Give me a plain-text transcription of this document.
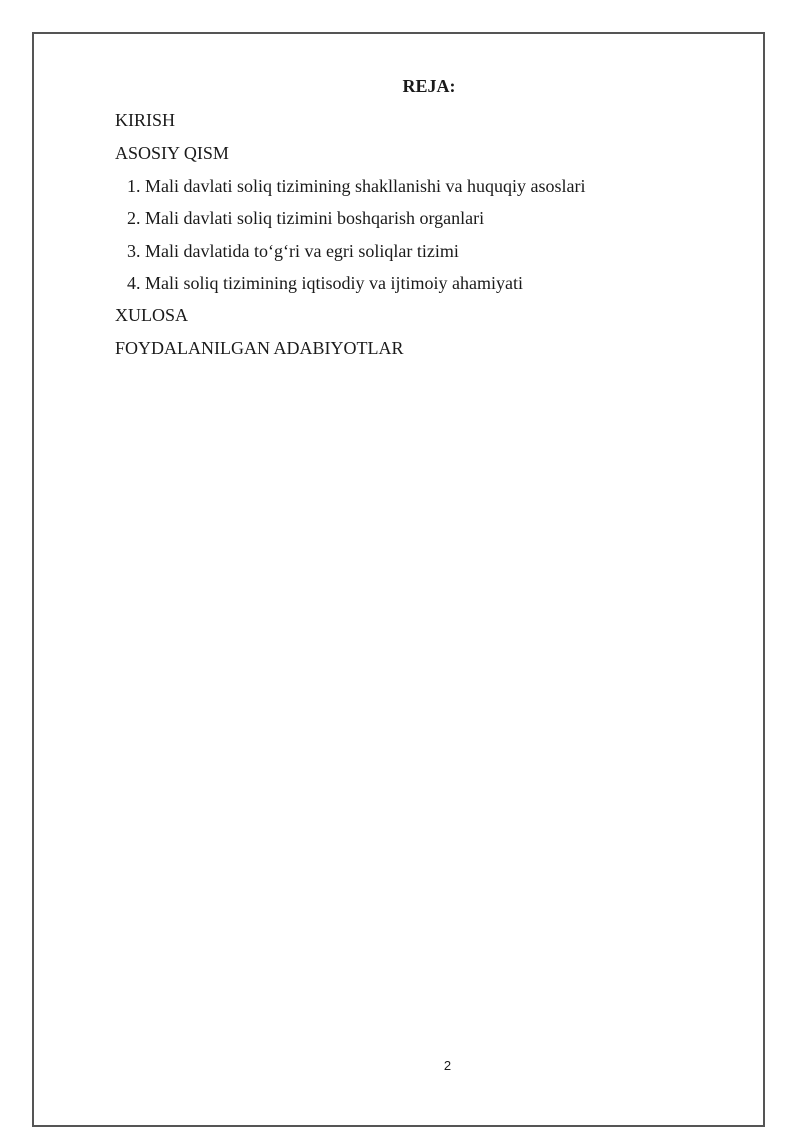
REJA:
KIRISH
ASOSIY QISM
1. Mali davlati soliq tizimining shakllanishi va huquqiy asoslari
2. Mali davlati soliq tizimini boshqarish organlari
3. Mali davlatida to‘g‘ri va egri soliqlar tizimi
4. Mali soliq tizimining iqtisodiy va ijtimoiy ahamiyati
XULOSA
FOYDALANILGAN ADABIYOTLAR
2
